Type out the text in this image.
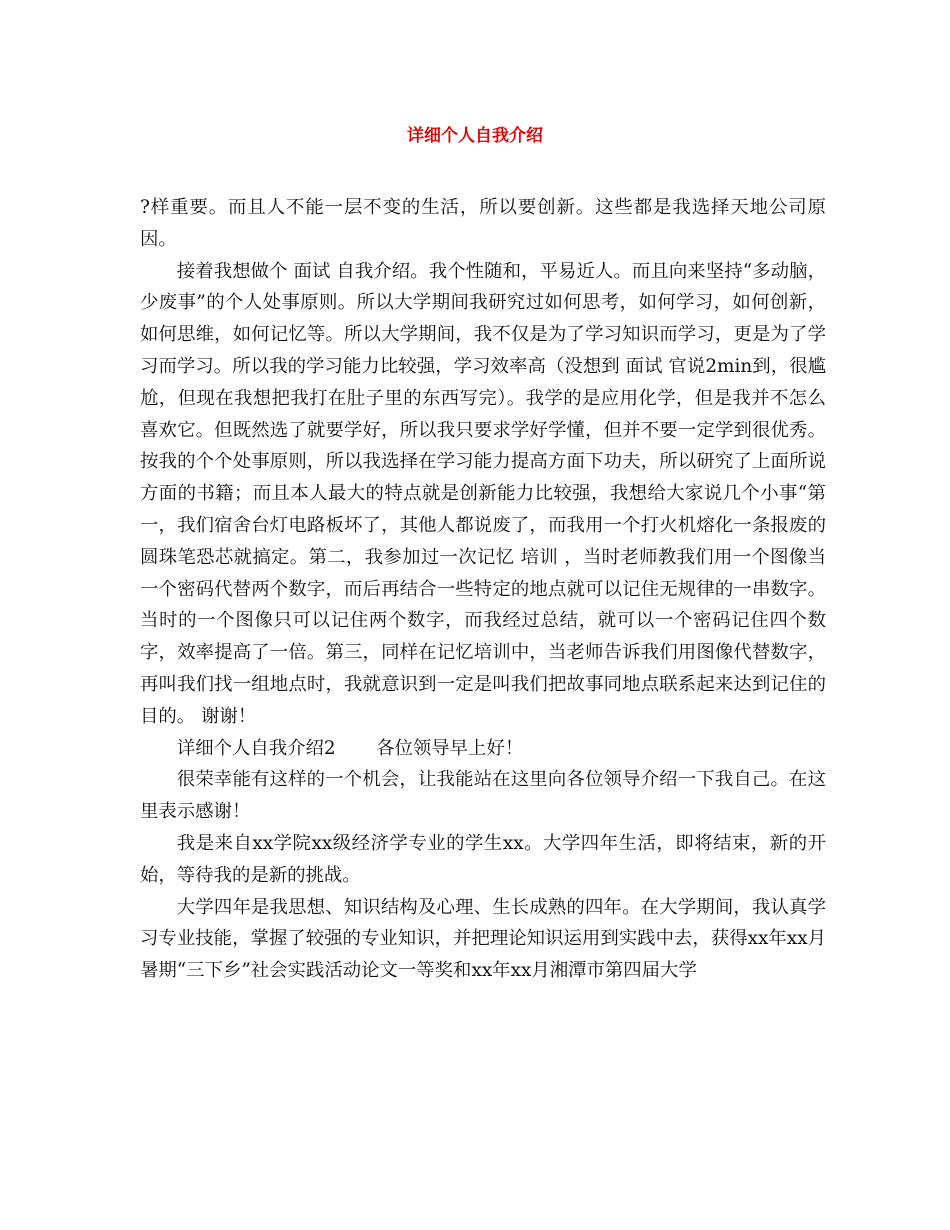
详细个人自我介绍

?样重要。而且人不能一层不变的生活，所以要创新。这些都是我选择天地公司原因。

接着我想做个 面试 自我介绍。我个性随和，平易近人。而且向来坚持“多动脑，少废事”的个人处事原则。所以大学期间我研究过如何思考，如何学习，如何创新，如何思维，如何记忆等。所以大学期间，我不仅是为了学习知识而学习，更是为了学习而学习。所以我的学习能力比较强，学习效率高（没想到 面试 官说2min到，很尴尬，但现在我想把我打在肚子里的东西写完）。我学的是应用化学，但是我并不怎么喜欢它。但既然选了就要学好，所以我只要求学好学懂，但并不要一定学到很优秀。按我的个个处事原则，所以我选择在学习能力提高方面下功夫，所以研究了上面所说方面的书籍；而且本人最大的特点就是创新能力比较强，我想给大家说几个小事“第一，我们宿舍台灯电路板坏了，其他人都说废了，而我用一个打火机熔化一条报废的圆珠笔恐芯就搞定。第二，我参加过一次记忆 培训 ，当时老师教我们用一个图像当一个密码代替两个数字，而后再结合一些特定的地点就可以记住无规律的一串数字。当时的一个图像只可以记住两个数字，而我经过总结，就可以一个密码记住四个数字，效率提高了一倍。第三，同样在记忆培训中，当老师告诉我们用图像代替数字，再叫我们找一组地点时，我就意识到一定是叫我们把故事同地点联系起来达到记住的目的。 谢谢！

详细个人自我介绍2 各位领导早上好！

很荣幸能有这样的一个机会，让我能站在这里向各位领导介绍一下我自己。在这里表示感谢！

我是来自xx学院xx级经济学专业的学生xx。大学四年生活，即将结束，新的开始，等待我的是新的挑战。

大学四年是我思想、知识结构及心理、生长成熟的四年。在大学期间，我认真学习专业技能，掌握了较强的专业知识，并把理论知识运用到实践中去，获得xx年xx月暑期“三下乡”社会实践活动论文一等奖和xx年xx月湘潭市第四届大学
